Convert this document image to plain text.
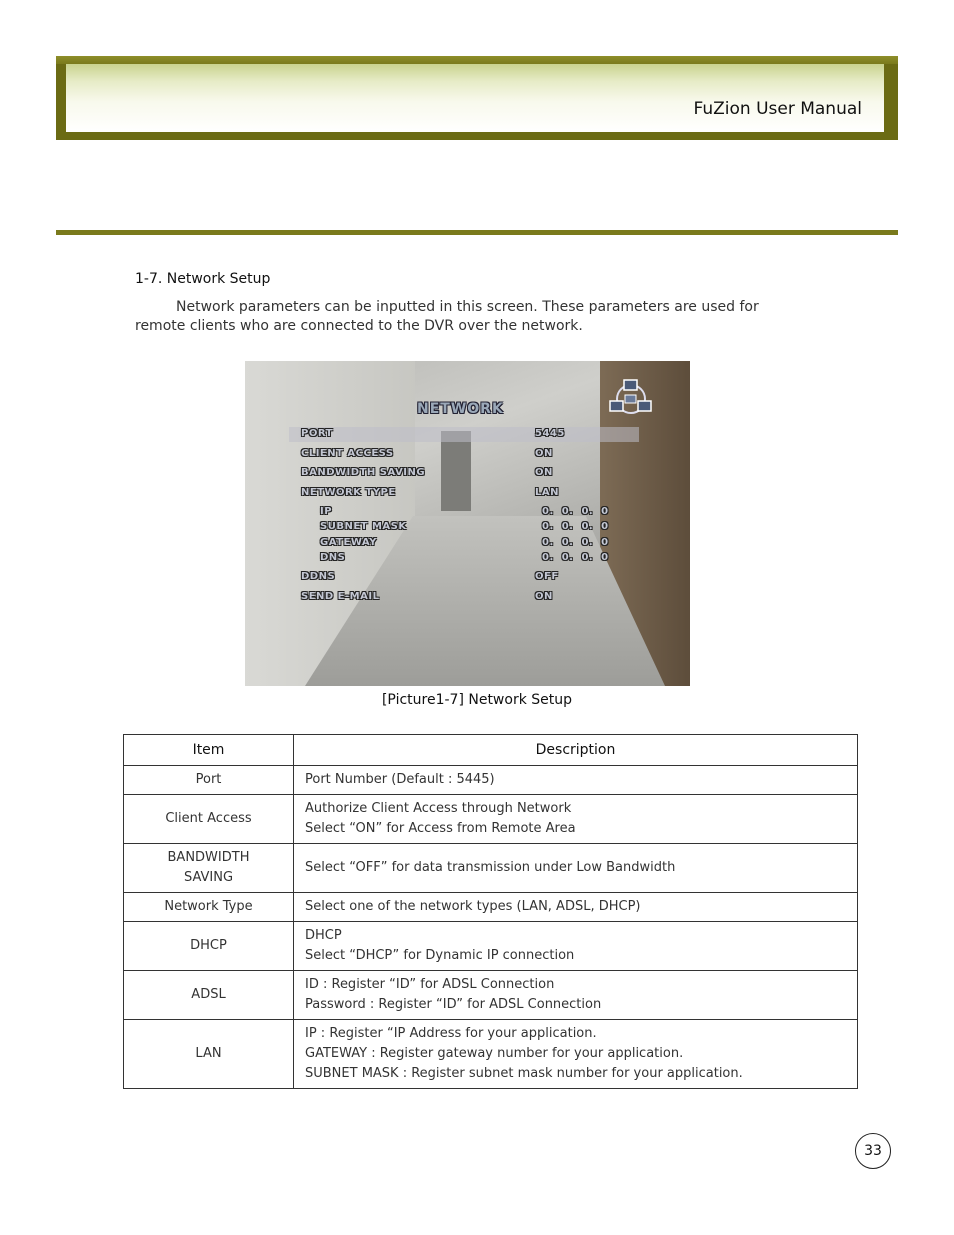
FuZion User Manual
1-7. Network Setup
Network parameters can be inputted in this screen. These parameters are used for
remote clients who are connected to the DVR over the network.
NETWORK
PORT	5445
CLIENT ACCESS	ON
BANDWIDTH SAVING	ON
NETWORK TYPE	LAN
IP	0.  0.  0.  0
SUBNET MASK	0.  0.  0.  0
GATEWAY	0.  0.  0.  0
DNS	0.  0.  0.  0
DDNS	OFF
SEND E-MAIL	ON
[Picture1-7] Network Setup
Item	Description

Port	Port Number (Default : 5445)

Client Access	Authorize Client Access through Network
Select “ON” for Access from Remote Area

BANDWIDTH
SAVING	Select “OFF” for data transmission under Low Bandwidth

Network Type	Select one of the network types (LAN, ADSL, DHCP)

DHCP	DHCP
Select “DHCP” for Dynamic IP connection

ADSL	ID : Register “ID” for ADSL Connection
Password : Register “ID” for ADSL Connection

LAN	IP : Register “IP Address for your application.
GATEWAY : Register gateway number for your application.
SUBNET MASK : Register subnet mask number for your application.
33
